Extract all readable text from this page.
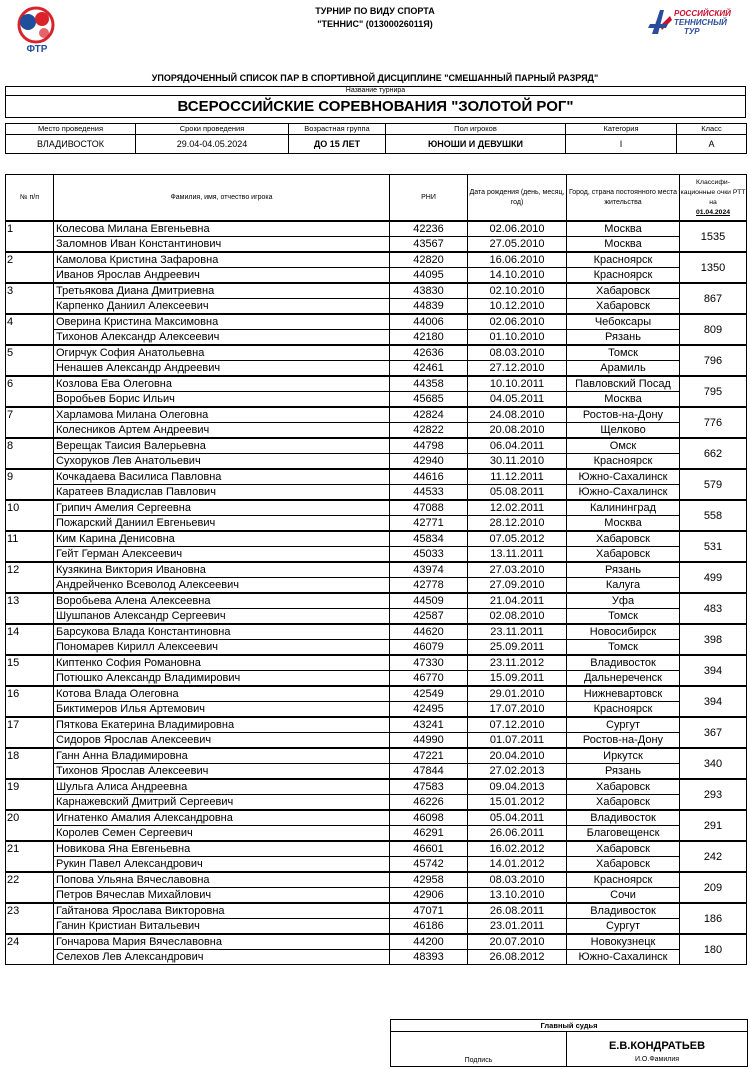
ФТР
ТУРНИР ПО ВИДУ СПОРТА
"ТЕННИС" (01300026011Я)
РОССИЙСКИЙ
ТЕННИСНЫЙ
ТУР
УПОРЯДОЧЕННЫЙ СПИСОК ПАР В СПОРТИВНОЙ ДИСЦИПЛИНЕ "СМЕШАННЫЙ ПАРНЫЙ РАЗРЯД"
Название турнира
ВСЕРОССИЙСКИЕ СОРЕВНОВАНИЯ "ЗОЛОТОЙ РОГ"
Место проведения	Сроки проведения	Возрастная группа	Пол игроков	Категория	Класс
ВЛАДИВОСТОК	29.04-04.05.2024	ДО 15 ЛЕТ	ЮНОШИ И ДЕВУШКИ	I	А
№ п/п	Фамилия, имя, отчество игрока	РНИ	Дата рождения (день, месяц, год)	Город, страна постоянного места жительства	Классифи-кационные очки РТТ на
01.04.2024
1	Колесова Милана Евгеньевна	42236	02.06.2010	Москва	1535
	Заломнов Иван Константинович	43567	27.05.2010	Москва	
2	Камолова Кристина Зафаровна	42820	16.06.2010	Красноярск	1350
	Иванов Ярослав Андреевич	44095	14.10.2010	Красноярск	
3	Третьякова Диана Дмитриевна	43830	02.10.2010	Хабаровск	867
	Карпенко Даниил Алексеевич	44839	10.12.2010	Хабаровск	
4	Оверина Кристина Максимовна	44006	02.06.2010	Чебоксары	809
	Тихонов Александр Алексеевич	42180	01.10.2010	Рязань	
5	Огирчук София Анатольевна	42636	08.03.2010	Томск	796
	Ненашев Александр Андреевич	42461	27.12.2010	Арамиль	
6	Козлова Ева Олеговна	44358	10.10.2011	Павловский Посад	795
	Воробьев Борис Ильич	45685	04.05.2011	Москва	
7	Харламова Милана Олеговна	42824	24.08.2010	Ростов-на-Дону	776
	Колесников Артем Андреевич	42822	20.08.2010	Щелково	
8	Верещак Таисия Валерьевна	44798	06.04.2011	Омск	662
	Сухоруков Лев Анатольевич	42940	30.11.2010	Красноярск	
9	Кочкадаева Василиса Павловна	44616	11.12.2011	Южно-Сахалинск	579
	Каратеев Владислав Павлович	44533	05.08.2011	Южно-Сахалинск	
10	Грипич Амелия Сергеевна	47088	12.02.2011	Калининград	558
	Пожарский Даниил Евгеньевич	42771	28.12.2010	Москва	
11	Ким Карина Денисовна	45834	07.05.2012	Хабаровск	531
	Гейт Герман Алексеевич	45033	13.11.2011	Хабаровск	
12	Кузякина Виктория Ивановна	43974	27.03.2010	Рязань	499
	Андрейченко Всеволод Алексеевич	42778	27.09.2010	Калуга	
13	Воробьева Алена Алексеевна	44509	21.04.2011	Уфа	483
	Шушпанов Александр Сергеевич	42587	02.08.2010	Томск	
14	Барсукова Влада Константиновна	44620	23.11.2011	Новосибирск	398
	Пономарев Кирилл Алексеевич	46079	25.09.2011	Томск	
15	Киптенко София Романовна	47330	23.11.2012	Владивосток	394
	Потюшко Александр Владимирович	46770	15.09.2011	Дальнереченск	
16	Котова Влада Олеговна	42549	29.01.2010	Нижневартовск	394
	Биктимеров Илья Артемович	42495	17.07.2010	Красноярск	
17	Пяткова Екатерина Владимировна	43241	07.12.2010	Сургут	367
	Сидоров Ярослав Алексеевич	44990	01.07.2011	Ростов-на-Дону	
18	Ганн Анна Владимировна	47221	20.04.2010	Иркутск	340
	Тихонов Ярослав Алексеевич	47844	27.02.2013	Рязань	
19	Шульга Алиса Андреевна	47583	09.04.2013	Хабаровск	293
	Карнажевский Дмитрий Сергеевич	46226	15.01.2012	Хабаровск	
20	Игнатенко Амалия Александровна	46098	05.04.2011	Владивосток	291
	Королев Семен Сергеевич	46291	26.06.2011	Благовещенск	
21	Новикова Яна Евгеньевна	46601	16.02.2012	Хабаровск	242
	Рукин Павел Александрович	45742	14.01.2012	Хабаровск	
22	Попова Ульяна Вячеславовна	42958	08.03.2010	Красноярск	209
	Петров Вячеслав Михайлович	42906	13.10.2010	Сочи	
23	Гайтанова Ярослава Викторовна	47071	26.08.2011	Владивосток	186
	Ганин Кристиан Витальевич	46186	23.01.2011	Сургут	
24	Гончарова Мария Вячеславовна	44200	20.07.2010	Новокузнецк	180
	Селехов Лев Александрович	48393	26.08.2012	Южно-Сахалинск	
Главный судья
Подпись	
Е.В.КОНДРАТЬЕВ
И.О.Фамилия
